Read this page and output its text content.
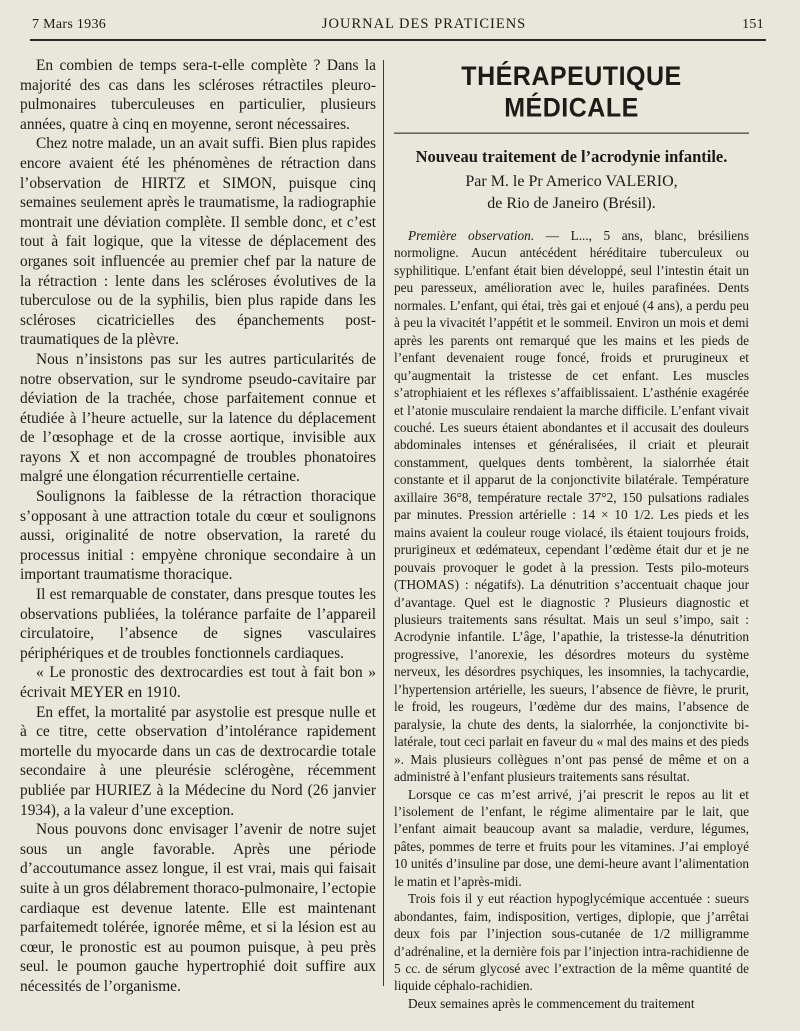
7 Mars 1936	JOURNAL DES PRATICIENS	151

En combien de temps sera-t-elle complète ? Dans la majorité des cas dans les scléroses rétractiles pleuro-pulmonaires tuberculeuses en particulier, plusieurs années, quatre à cinq en moyenne, seront nécessaires.

Chez notre malade, un an avait suffi. Bien plus rapides encore avaient été les phénomènes de rétraction dans l’observation de HIRTZ et SIMON, puisque cinq semaines seulement après le traumatisme, la radiographie montrait une déviation complète. Il semble donc, et c’est tout à fait logique, que la vitesse de déplacement des organes soit influencée au premier chef par la nature de la rétraction : lente dans les scléroses évolutives de la tuberculose ou de la syphilis, bien plus rapide dans les scléroses cicatricielles des épanchements post-traumatiques de la plèvre.

Nous n’insistons pas sur les autres particularités de notre observation, sur le syndrome pseudo-cavitaire par déviation de la trachée, chose parfaitement connue et étudiée à l’heure actuelle, sur la latence du déplacement de l’œsophage et de la crosse aortique, invisible aux rayons X et non accompagné de troubles phonatoires malgré une élongation récurrentielle certaine.

Soulignons la faiblesse de la rétraction thoracique s’opposant à une attraction totale du cœur et soulignons aussi, originalité de notre observation, la rareté du processus initial : empyène chronique secondaire à un important traumatisme thoracique.

Il est remarquable de constater, dans presque toutes les observations publiées, la tolérance parfaite de l’appareil circulatoire, l’absence de signes vasculaires périphériques et de troubles fonctionnels cardiaques.

« Le pronostic des dextrocardies est tout à fait bon » écrivait MEYER en 1910.

En effet, la mortalité par asystolie est presque nulle et à ce titre, cette observation d’intolérance rapidement mortelle du myocarde dans un cas de dextrocardie totale secondaire à une pleurésie sclérogène, récemment publiée par HURIEZ à la Médecine du Nord (26 janvier 1934), a la valeur d’une exception.

Nous pouvons donc envisager l’avenir de notre sujet sous un angle favorable. Après une période d’accoutumance assez longue, il est vrai, mais qui faisait suite à un gros délabrement thoraco-pulmonaire, l’ectopie cardiaque est devenue latente. Elle est maintenant parfaitemedt tolérée, ignorée même, et si la lésion est au cœur, le pronostic est au poumon puisque, à peu près seul. le poumon gauche hypertrophié doit suffire aux nécessités de l’organisme.

THÉRAPEUTIQUE MÉDICALE
Nouveau traitement de l’acrodynie infantile.
Par M. le Pr Americo VALERIO,
de Rio de Janeiro (Brésil).

Première observation. — L..., 5 ans, blanc, brésiliens normoligne. Aucun antécédent héréditaire tuberculeux ou syphilitique. L’enfant était bien développé, seul l’intestin était un peu paresseux, amélioration avec le, huiles parafinées. Dents normales. L’enfant, qui étai, très gai et enjoué (4 ans), a perdu peu à peu la vivacitét l’appétit et le sommeil. Environ un mois et demi après les parents ont remarqué que les mains et les pieds de l’enfant devenaient rouge foncé, froids et prurugineux et qu’augmentait la tristesse de cet enfant. Les muscles s’atrophiaient et les réflexes s’affaiblissaient. L’asthénie exagérée et l’atonie musculaire rendaient la marche difficile. L’enfant vivait couché. Les sueurs étaient abondantes et il accusait des douleurs abdominales intenses et généralisées, il criait et pleurait constamment, quelques dents tombèrent, la sialorrhée était constante et il apparut de la conjonctivite bilatérale. Température axillaire 36°8, température rectale 37°2, 150 pulsations radiales par minutes. Pression artérielle : 14 × 10 1/2. Les pieds et les mains avaient la couleur rouge violacé, ils étaient toujours froids, prurigineux et œdémateux, cependant l’œdème était dur et je ne pouvais provoquer le godet à la pression. Tests pilo-moteurs (THOMAS) : négatifs). La dénutrition s’accentuait chaque jour d’avantage. Quel est le diagnostic ? Plusieurs diagnostic et plusieurs traitements sans résultat. Mais un seul s’impo, sait : Acrodynie infantile. L’âge, l’apathie, la tristesse-la dénutrition progressive, l’anorexie, les désordres moteurs du système nerveux, les désordres psychiques, les insomnies, la tachycardie, l’hypertension artérielle, les sueurs, l’absence de fièvre, le prurit, le froid, les rougeurs, l’œdème dur des mains, l’absence de paralysie, la chute des dents, la sialorrhée, la conjonctivite bi-latérale, tout ceci parlait en faveur du « mal des mains et des pieds ». Mais plusieurs collègues n’ont pas pensé de même et on a administré à l’enfant plusieurs traitements sans résultat.

Lorsque ce cas m’est arrivé, j’ai prescrit le repos au lit et l’isolement de l’enfant, le régime alimentaire par le lait, que l’enfant aimait beaucoup avant sa maladie, verdure, légumes, pâtes, pommes de terre et fruits pour les vitamines. J’ai employé 10 unités d’insuline par dose, une demi-heure avant l’alimentation le matin et l’après-midi.

Trois fois il y eut réaction hypoglycémique accentuée : sueurs abondantes, faim, indisposition, vertiges, diplopie, que j’arrêtai deux fois par l’injection sous-cutanée de 1/2 milligramme d’adrénaline, et la dernière fois par l’injection intra-rachidienne de 5 cc. de sérum glycosé avec l’extraction de la même quantité de liquide céphalo-rachidien.

Deux semaines après le commencement du traitement
